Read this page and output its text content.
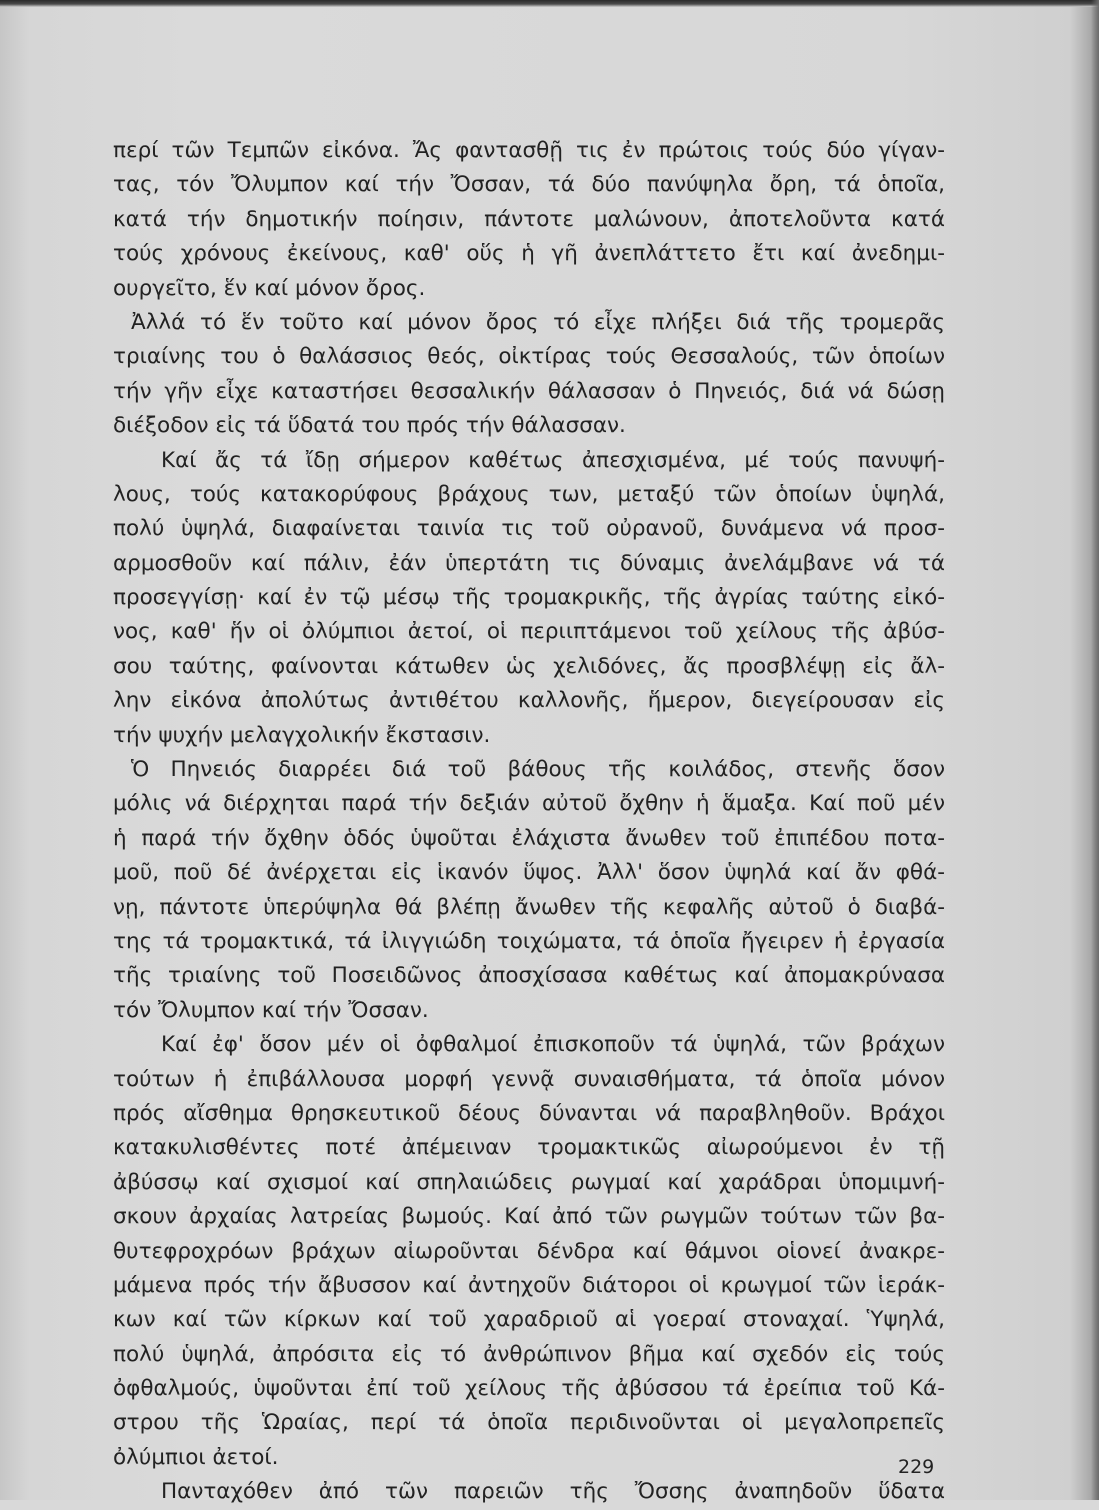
περί τῶν Τεμπῶν εἰκόνα. Ἄς φαντασθῇ τις ἐν πρώτοις τούς δύο γίγαν-
τας, τόν Ὄλυμπον καί τήν Ὄσσαν, τά δύο πανύψηλα ὄρη, τά ὁποῖα,
κατά τήν δημοτικήν ποίησιν, πάντοτε μαλώνουν, ἀποτελοῦντα κατά
τούς χρόνους ἐκείνους, καθ' οὕς ἡ γῆ ἀνεπλάττετο ἔτι καί ἀνεδημι-
ουργεῖτο, ἕν καί μόνον ὄρος.
Ἀλλά τό ἕν τοῦτο καί μόνον ὄρος τό εἶχε πλήξει διά τῆς τρομερᾶς
τριαίνης του ὁ θαλάσσιος θεός, οἰκτίρας τούς Θεσσαλούς, τῶν ὁποίων
τήν γῆν εἶχε καταστήσει θεσσαλικήν θάλασσαν ὁ Πηνειός, διά νά δώσῃ
διέξοδον εἰς τά ὕδατά του πρός τήν θάλασσαν.
Καί ἄς τά ἴδῃ σήμερον καθέτως ἀπεσχισμένα, μέ τούς πανυψή-
λους, τούς κατακορύφους βράχους των, μεταξύ τῶν ὁποίων ὑψηλά,
πολύ ὑψηλά, διαφαίνεται ταινία τις τοῦ οὐρανοῦ, δυνάμενα νά προσ-
αρμοσθοῦν καί πάλιν, ἐάν ὑπερτάτη τις δύναμις ἀνελάμβανε νά τά
προσεγγίσῃ· καί ἐν τῷ μέσῳ τῆς τρομακρικῆς, τῆς ἀγρίας ταύτης εἰκό-
νος, καθ' ἥν οἱ ὀλύμπιοι ἀετοί, οἱ περιιπτάμενοι τοῦ χείλους τῆς ἀβύσ-
σου ταύτης, φαίνονται κάτωθεν ὡς χελιδόνες, ἄς προσβλέψῃ εἰς ἄλ-
λην εἰκόνα ἀπολύτως ἀντιθέτου καλλονῆς, ἥμερον, διεγείρουσαν εἰς
τήν ψυχήν μελαγχολικήν ἔκστασιν.
Ὁ Πηνειός διαρρέει διά τοῦ βάθους τῆς κοιλάδος, στενῆς ὅσον
μόλις νά διέρχηται παρά τήν δεξιάν αὐτοῦ ὄχθην ἡ ἅμαξα. Καί ποῦ μέν
ἡ παρά τήν ὄχθην ὁδός ὑψοῦται ἐλάχιστα ἄνωθεν τοῦ ἐπιπέδου ποτα-
μοῦ, ποῦ δέ ἀνέρχεται εἰς ἱκανόν ὕψος. Ἀλλ' ὅσον ὑψηλά καί ἄν φθά-
νῃ, πάντοτε ὑπερύψηλα θά βλέπῃ ἄνωθεν τῆς κεφαλῆς αὐτοῦ ὁ διαβά-
της τά τρομακτικά, τά ἰλιγγιώδη τοιχώματα, τά ὁποῖα ἤγειρεν ἡ ἐργασία
τῆς τριαίνης τοῦ Ποσειδῶνος ἀποσχίσασα καθέτως καί ἀπομακρύνασα
τόν Ὄλυμπον καί τήν Ὄσσαν.
Καί ἐφ' ὅσον μέν οἱ ὀφθαλμοί ἐπισκοποῦν τά ὑψηλά, τῶν βράχων
τούτων ἡ ἐπιβάλλουσα μορφή γεννᾷ συναισθήματα, τά ὁποῖα μόνον
πρός αἴσθημα θρησκευτικοῦ δέους δύνανται νά παραβληθοῦν. Βράχοι
κατακυλισθέντες ποτέ ἀπέμειναν τρομακτικῶς αἰωρούμενοι ἐν τῇ
ἀβύσσῳ καί σχισμοί καί σπηλαιώδεις ρωγμαί καί χαράδραι ὑπομιμνή-
σκουν ἀρχαίας λατρείας βωμούς. Καί ἀπό τῶν ρωγμῶν τούτων τῶν βα-
θυτεφροχρόων βράχων αἰωροῦνται δένδρα καί θάμνοι οἱονεί ἀνακρε-
μάμενα πρός τήν ἄβυσσον καί ἀντηχοῦν διάτοροι οἱ κρωγμοί τῶν ἱεράκ-
κων καί τῶν κίρκων καί τοῦ χαραδριοῦ αἱ γοεραί στοναχαί. Ὑψηλά,
πολύ ὑψηλά, ἀπρόσιτα εἰς τό ἀνθρώπινον βῆμα καί σχεδόν εἰς τούς
ὀφθαλμούς, ὑψοῦνται ἐπί τοῦ χείλους τῆς ἀβύσσου τά ἐρείπια τοῦ Κά-
στρου τῆς Ὡραίας, περί τά ὁποῖα περιδινοῦνται οἱ μεγαλοπρεπεῖς
ὀλύμπιοι ἀετοί.
Πανταχόθεν ἀπό τῶν παρειῶν τῆς Ὄσσης ἀναπηδοῦν ὕδατα
229
